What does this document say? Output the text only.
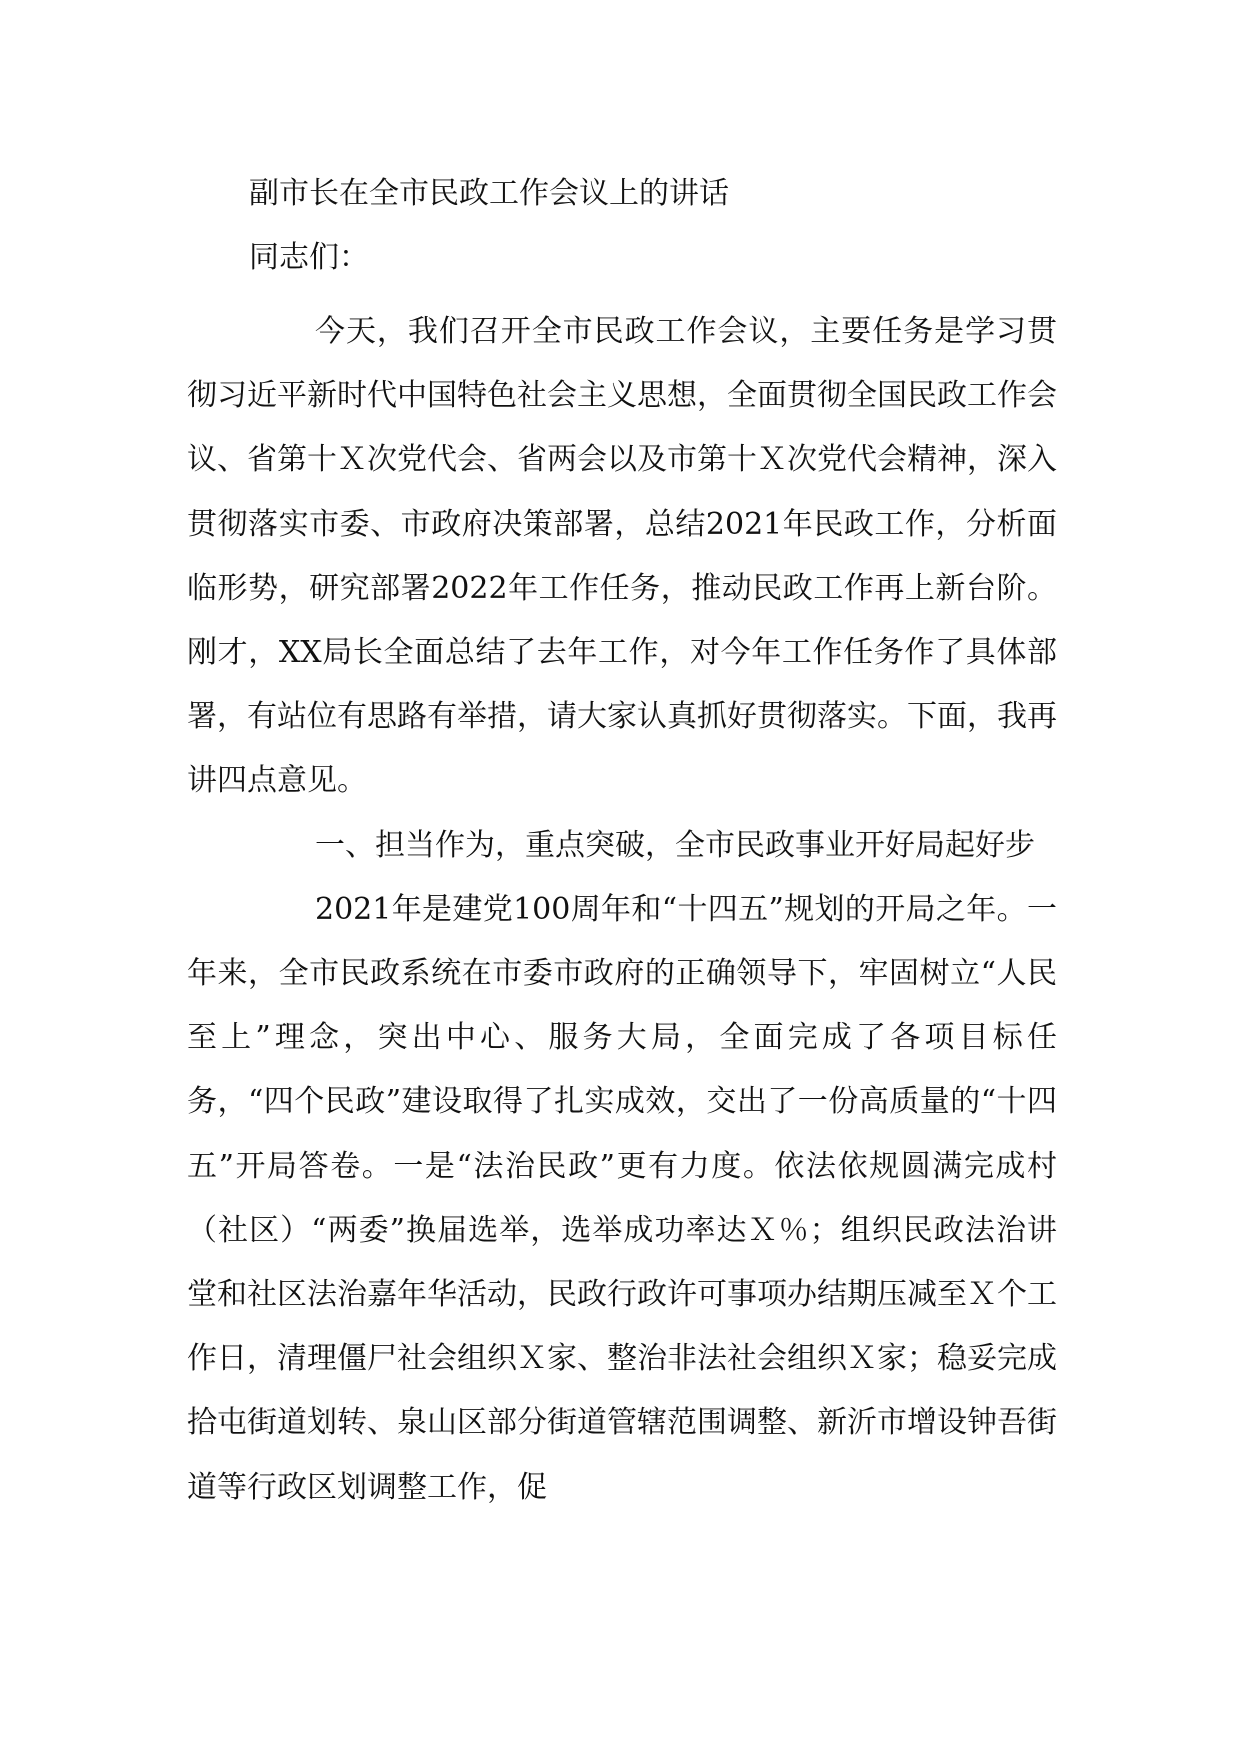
副市长在全市民政工作会议上的讲话
同志们：

今天，我们召开全市民政工作会议，主要任务是学习贯彻习近平新时代中国特色社会主义思想，全面贯彻全国民政工作会议、省第十Ｘ次党代会、省两会以及市第十Ｘ次党代会精神，深入贯彻落实市委、市政府决策部署，总结2021年民政工作，分析面临形势，研究部署2022年工作任务，推动民政工作再上新台阶。刚才，XX局长全面总结了去年工作，对今年工作任务作了具体部署，有站位有思路有举措，请大家认真抓好贯彻落实。下面，我再讲四点意见。

一、担当作为，重点突破，全市民政事业开好局起好步

2021年是建党100周年和“十四五”规划的开局之年。一年来，全市民政系统在市委市政府的正确领导下，牢固树立“人民至上”理念，突出中心、服务大局，全面完成了各项目标任务，“四个民政”建设取得了扎实成效，交出了一份高质量的“十四五”开局答卷。一是“法治民政”更有力度。依法依规圆满完成村（社区）“两委”换届选举，选举成功率达Ｘ％；组织民政法治讲堂和社区法治嘉年华活动，民政行政许可事项办结期压减至Ｘ个工作日，清理僵尸社会组织Ｘ家、整治非法社会组织Ｘ家；稳妥完成拾屯街道划转、泉山区部分街道管辖范围调整、新沂市增设钟吾街道等行政区划调整工作，促
